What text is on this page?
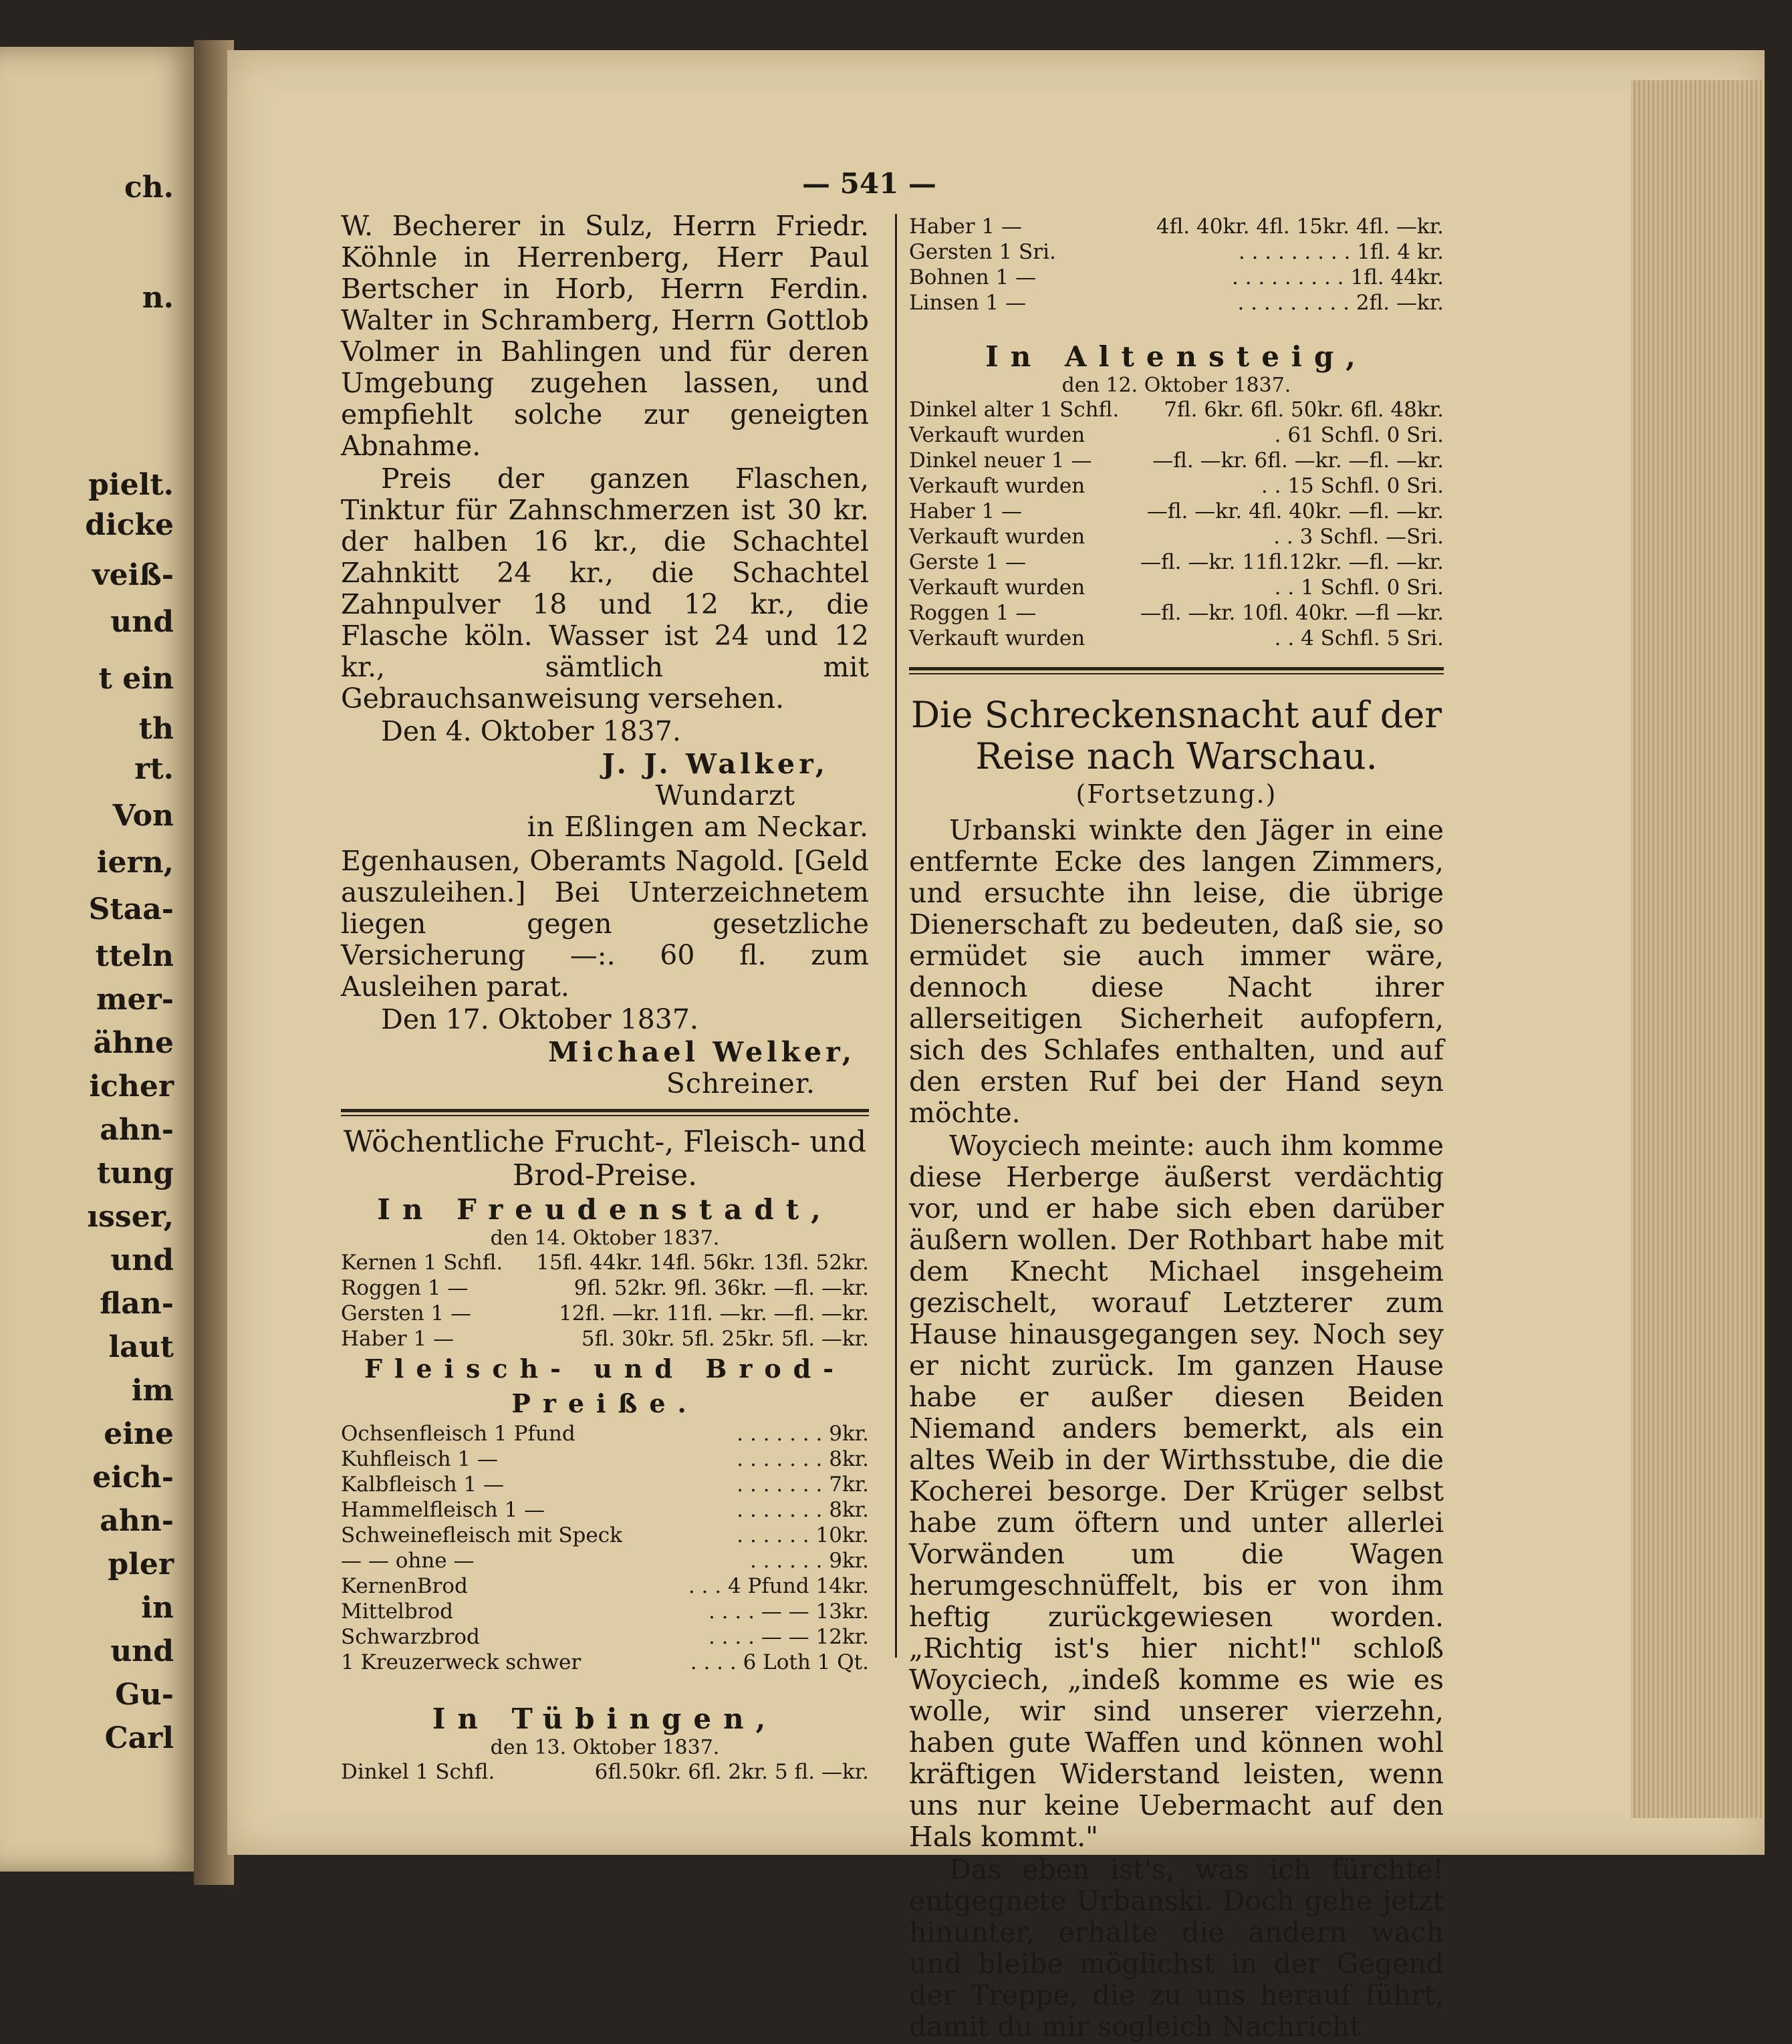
ch.
n.
pielt.
dicke
veiß-
und
t ein
th
rt.
Von
iern,
Staa-
tteln
mer-
ähne
icher
ahn-
tung
ısser,
und
flan-
laut
im
eine
eich-
ahn-
pler
in
und
Gu-
Carl
— 541 —

W. Becherer in Sulz, Herrn Friedr. Köhnle in Herrenberg, Herr Paul Bertscher in Horb, Herrn Ferdin. Walter in Schramberg, Herrn Gottlob Volmer in Bahlingen und für deren Umgebung zugehen lassen, und empfiehlt solche zur geneigten Abnahme.

Preis der ganzen Flaschen, Tinktur für Zahnschmerzen ist 30 kr. der halben 16 kr., die Schachtel Zahnkitt 24 kr., die Schachtel Zahnpulver 18 und 12 kr., die Flasche köln. Wasser ist 24 und 12 kr., sämtlich mit Gebrauchsanweisung versehen.

Den 4. Oktober 1837.

J. J. Walker,
Wundarzt
in Eßlingen am Neckar.

Egenhausen, Oberamts Nagold. [Geld auszuleihen.] Bei Unterzeichnetem liegen gegen gesetzliche Versicherung —:. 60 fl. zum Ausleihen parat.

Den 17. Oktober 1837.

Michael Welker,
Schreiner.
Wöchentliche Frucht-, Fleisch- und Brod-Preise.
In Freudenstadt,
den 14. Oktober 1837.
Kernen 1 Schfl.	15fl. 44kr. 14fl. 56kr. 13fl. 52kr.
Roggen 1 —	9fl. 52kr. 9fl. 36kr. —fl. —kr.
Gersten 1 —	12fl. —kr. 11fl. —kr. —fl. —kr.
Haber 1 —	5fl. 30kr. 5fl. 25kr. 5fl. —kr.
Fleisch- und Brod-Preiße.
Ochsenfleisch 1 Pfund	. . . . . . . 9kr.
Kuhfleisch 1 —	. . . . . . . 8kr.
Kalbfleisch 1 —	. . . . . . . 7kr.
Hammelfleisch 1 —	. . . . . . . 8kr.
Schweinefleisch mit Speck	. . . . . . 10kr.
— — ohne —	. . . . . . 9kr.
KernenBrod	. . . 4 Pfund 14kr.
Mittelbrod	. . . . — — 13kr.
Schwarzbrod	. . . . — — 12kr.
1 Kreuzerweck schwer	. . . . 6 Loth 1 Qt.
In Tübingen,
den 13. Oktober 1837.
Dinkel 1 Schfl.	6fl.50kr. 6fl. 2kr. 5 fl. —kr.
Haber 1 —	4fl. 40kr. 4fl. 15kr. 4fl. —kr.
Gersten 1 Sri.	. . . . . . . . . 1fl. 4 kr.
Bohnen 1 —	. . . . . . . . . 1fl. 44kr.
Linsen 1 —	. . . . . . . . . 2fl. —kr.
In Altensteig,
den 12. Oktober 1837.
Dinkel alter 1 Schfl.	7fl. 6kr. 6fl. 50kr. 6fl. 48kr.
Verkauft wurden	. 61 Schfl. 0 Sri.
Dinkel neuer 1 —	—fl. —kr. 6fl. —kr. —fl. —kr.
Verkauft wurden	. . 15 Schfl. 0 Sri.
Haber 1 —	—fl. —kr. 4fl. 40kr. —fl. —kr.
Verkauft wurden	. . 3 Schfl. —Sri.
Gerste 1 —	—fl. —kr. 11fl.12kr. —fl. —kr.
Verkauft wurden	. . 1 Schfl. 0 Sri.
Roggen 1 —	—fl. —kr. 10fl. 40kr. —fl —kr.
Verkauft wurden	. . 4 Schfl. 5 Sri.
Die Schreckensnacht auf der Reise nach Warschau.
(Fortsetzung.)

Urbanski winkte den Jäger in eine entfernte Ecke des langen Zimmers, und ersuchte ihn leise, die übrige Dienerschaft zu bedeuten, daß sie, so ermüdet sie auch immer wäre, dennoch diese Nacht ihrer allerseitigen Sicherheit aufopfern, sich des Schlafes enthalten, und auf den ersten Ruf bei der Hand seyn möchte.

Woyciech meinte: auch ihm komme diese Herberge äußerst verdächtig vor, und er habe sich eben darüber äußern wollen. Der Rothbart habe mit dem Knecht Michael insgeheim gezischelt, worauf Letzterer zum Hause hinausgegangen sey. Noch sey er nicht zurück. Im ganzen Hause habe er außer diesen Beiden Niemand anders bemerkt, als ein altes Weib in der Wirthsstube, die die Kocherei besorge. Der Krüger selbst habe zum öftern und unter allerlei Vorwänden um die Wagen herumgeschnüffelt, bis er von ihm heftig zurückgewiesen worden. „Richtig ist's hier nicht!" schloß Woyciech, „indeß komme es wie es wolle, wir sind unserer vierzehn, haben gute Waffen und können wohl kräftigen Widerstand leisten, wenn uns nur keine Uebermacht auf den Hals kommt."

Das eben ist's, was ich fürchte! entgegnete Urbanski. Doch gehe jetzt hinunter, erhalte die andern wach und bleibe möglichst in der Gegend der Treppe, die zu uns herauf führt, damit du mir sogleich Nachricht
